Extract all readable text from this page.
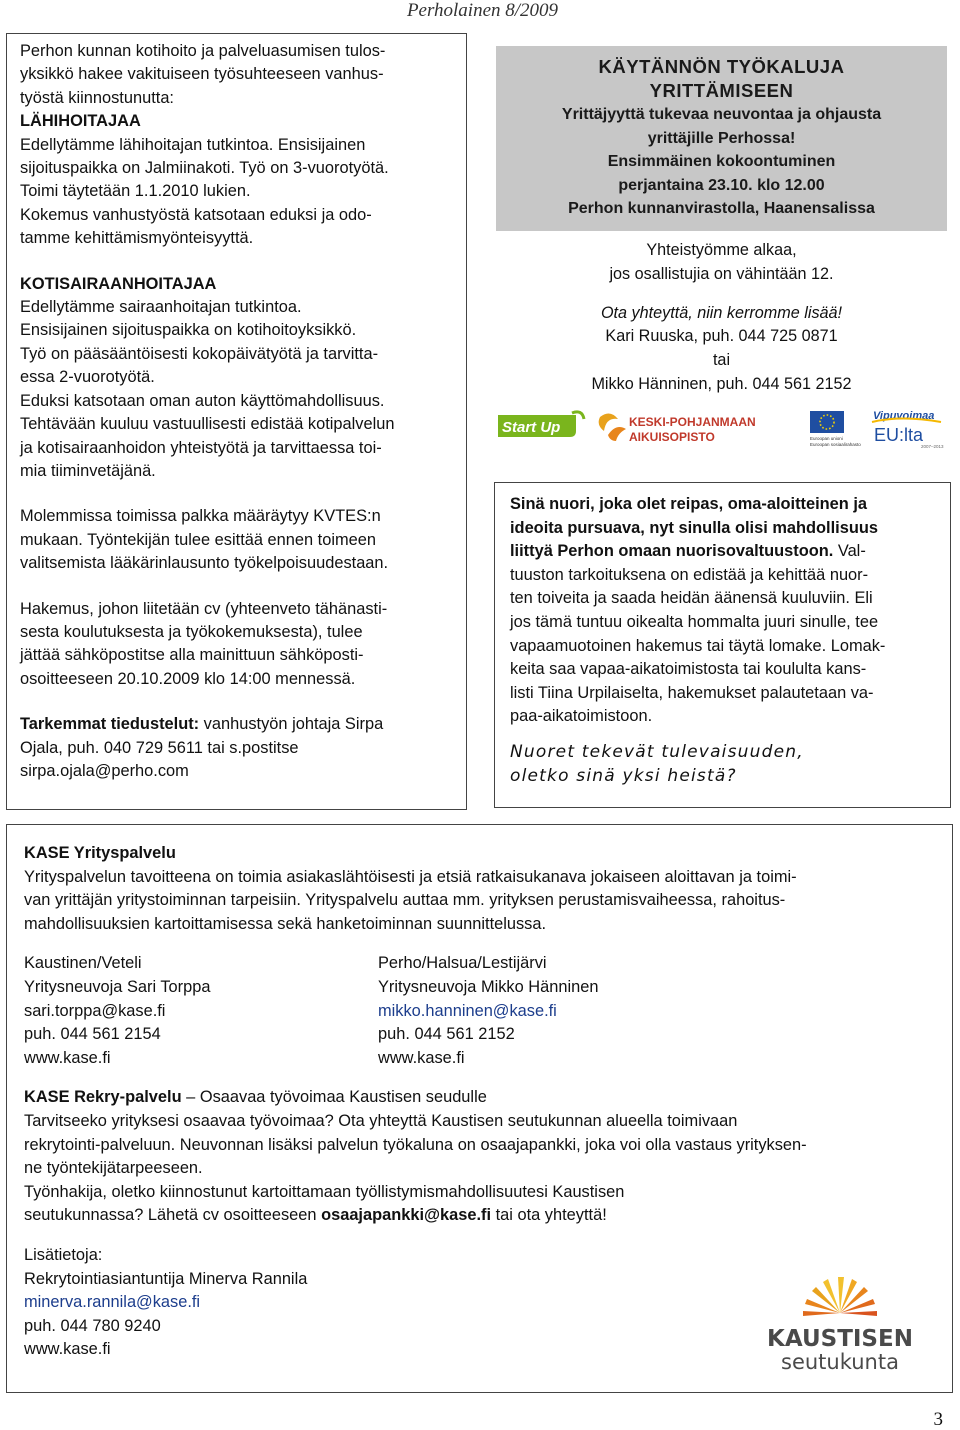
Perholainen 8/2009

Perhon kunnan kotihoito ja palveluasumisen tulos-

yksikkö hakee vakituiseen työsuhteeseen vanhus-

työstä kiinnostunutta:

LÄHIHOITAJAA

Edellytämme lähihoitajan tutkintoa. Ensisijainen

sijoituspaikka on Jalmiinakoti. Työ on 3-vuorotyötä.

Toimi täytetään 1.1.2010 lukien.

Kokemus vanhustyöstä katsotaan eduksi ja odo-

tamme kehittämismyönteisyyttä.

KOTISAIRAANHOITAJAA

Edellytämme sairaanhoitajan tutkintoa.

Ensisijainen sijoituspaikka on kotihoitoyksikkö.

Työ on pääsääntöisesti kokopäivätyötä ja tarvitta-

essa 2-vuorotyötä.

Eduksi katsotaan oman auton käyttömahdollisuus.

Tehtävään kuuluu vastuullisesti edistää kotipalvelun

ja kotisairaanhoidon yhteistyötä ja tarvittaessa toi-

mia tiiminvetäjänä.

Molemmissa toimissa palkka määräytyy KVTES:n

mukaan. Työntekijän tulee esittää ennen toimeen

valitsemista lääkärinlausunto työkelpoisuudestaan.

Hakemus, johon liitetään cv (yhteenveto tähänasti-

sesta koulutuksesta ja työkokemuksesta), tulee

jättää sähköpostitse alla mainittuun sähköposti-

osoitteeseen 20.10.2009 klo 14:00 mennessä.

Tarkemmat tiedustelut: vanhustyön johtaja Sirpa

Ojala, puh. 040 729 5611 tai s.postitse

sirpa.ojala@perho.com

KÄYTÄNNÖN TYÖKALUJA
YRITTÄMISEEN
Yrittäjyyttä tukevaa neuvontaa ja ohjausta
yrittäjille Perhossa!
Ensimmäinen kokoontuminen
perjantaina 23.10. klo 12.00
Perhon kunnanvirastolla, Haanensalissa
Yhteistyömme alkaa,
jos osallistujia on vähintään 12.
Ota yhteyttä, niin kerromme lisää!
Kari Ruuska, puh. 044 725 0871
tai
Mikko Hänninen, puh. 044 561 2152
Start Up	KESKI-POHJANMAAN
AIKUISOPISTO	Euroopan unioni
Euroopan sosiaalirahasto
Vipuvoimaa
EU:lta
2007–2013

Sinä nuori, joka olet reipas, oma-aloitteinen ja

ideoita pursuava, nyt sinulla olisi mahdollisuus

liittyä Perhon omaan nuorisovaltuustoon. Val-

tuuston tarkoituksena on edistää ja kehittää nuor-

ten toiveita ja saada heidän äänensä kuuluviin. Eli

jos tämä tuntuu oikealta hommalta juuri sinulle, tee

vapaamuotoinen hakemus tai täytä lomake. Lomak-

keita saa vapaa-aikatoimistosta tai koululta kans-

listi Tiina Urpilaiselta, hakemukset palautetaan va-

paa-aikatoimistoon.

Nuoret tekevät tulevaisuuden,
oletko sinä yksi heistä?

KASE Yrityspalvelu

Yrityspalvelun tavoitteena on toimia asiakaslähtöisesti ja etsiä ratkaisukanava jokaiseen aloittavan ja toimi-

van yrittäjän yritystoiminnan tarpeisiin. Yrityspalvelu auttaa mm. yrityksen perustamisvaiheessa, rahoitus-

mahdollisuuksien kartoittamisessa sekä hanketoiminnan suunnittelussa.

Kaustinen/Veteli

Yritysneuvoja Sari Torppa

sari.torppa@kase.fi

puh. 044 561 2154

www.kase.fi

Perho/Halsua/Lestijärvi

Yritysneuvoja Mikko Hänninen

mikko.hanninen@kase.fi

puh. 044 561 2152

www.kase.fi

KASE Rekry-palvelu – Osaavaa työvoimaa Kaustisen seudulle

Tarvitseeko yrityksesi osaavaa työvoimaa? Ota yhteyttä Kaustisen seutukunnan alueella toimivaan

rekrytointi-palveluun. Neuvonnan lisäksi palvelun työkaluna on osaajapankki, joka voi olla vastaus yrityksen-

ne työntekijätarpeeseen.

Työnhakija, oletko kiinnostunut kartoittamaan työllistymismahdollisuutesi Kaustisen

seutukunnassa? Lähetä cv osoitteeseen osaajapankki@kase.fi tai ota yhteyttä!

Lisätietoja:

Rekrytointiasiantuntija Minerva Rannila

minerva.rannila@kase.fi

puh. 044 780 9240

www.kase.fi	KAUSTISEN
seutukunta
3
